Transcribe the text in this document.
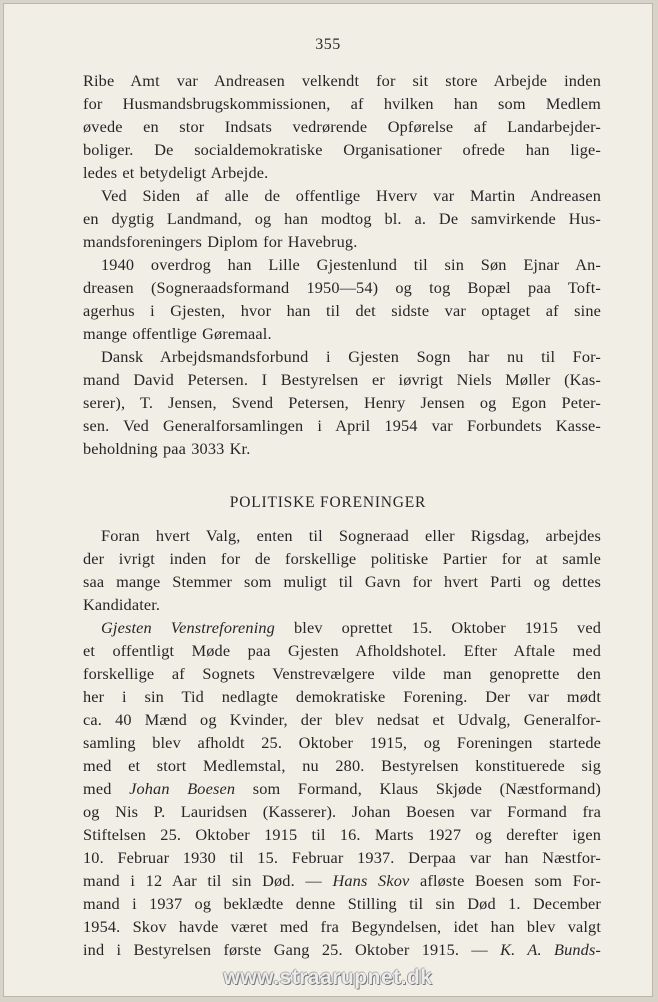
355
Ribe Amt var Andreasen velkendt for sit store Arbejde inden
for Husmandsbrugskommissionen, af hvilken han som Medlem
øvede en stor Indsats vedrørende Opførelse af Landarbejder-
boliger. De socialdemokratiske Organisationer ofrede han lige-
ledes et betydeligt Arbejde.
Ved Siden af alle de offentlige Hverv var Martin Andreasen
en dygtig Landmand, og han modtog bl. a. De samvirkende Hus-
mandsforeningers Diplom for Havebrug.
1940 overdrog han Lille Gjestenlund til sin Søn Ejnar An-
dreasen (Sogneraadsformand 1950—54) og tog Bopæl paa Toft-
agerhus i Gjesten, hvor han til det sidste var optaget af sine
mange offentlige Gøremaal.
Dansk Arbejdsmandsforbund i Gjesten Sogn har nu til For-
mand David Petersen. I Bestyrelsen er iøvrigt Niels Møller (Kas-
serer), T. Jensen, Svend Petersen, Henry Jensen og Egon Peter-
sen. Ved Generalforsamlingen i April 1954 var Forbundets Kasse-
beholdning paa 3033 Kr.
POLITISKE FORENINGER
Foran hvert Valg, enten til Sogneraad eller Rigsdag, arbejdes
der ivrigt inden for de forskellige politiske Partier for at samle
saa mange Stemmer som muligt til Gavn for hvert Parti og dettes
Kandidater.
Gjesten Venstreforening blev oprettet 15. Oktober 1915 ved
et offentligt Møde paa Gjesten Afholdshotel. Efter Aftale med
forskellige af Sognets Venstrevælgere vilde man genoprette den
her i sin Tid nedlagte demokratiske Forening. Der var mødt
ca. 40 Mænd og Kvinder, der blev nedsat et Udvalg, Generalfor-
samling blev afholdt 25. Oktober 1915, og Foreningen startede
med et stort Medlemstal, nu 280. Bestyrelsen konstituerede sig
med Johan Boesen som Formand, Klaus Skjøde (Næstformand)
og Nis P. Lauridsen (Kasserer). Johan Boesen var Formand fra
Stiftelsen 25. Oktober 1915 til 16. Marts 1927 og derefter igen
10. Februar 1930 til 15. Februar 1937. Derpaa var han Næstfor-
mand i 12 Aar til sin Død. — Hans Skov afløste Boesen som For-
mand i 1937 og beklædte denne Stilling til sin Død 1. December
1954. Skov havde været med fra Begyndelsen, idet han blev valgt
ind i Bestyrelsen første Gang 25. Oktober 1915. — K. A. Bunds-
www.straarupnet.dk
